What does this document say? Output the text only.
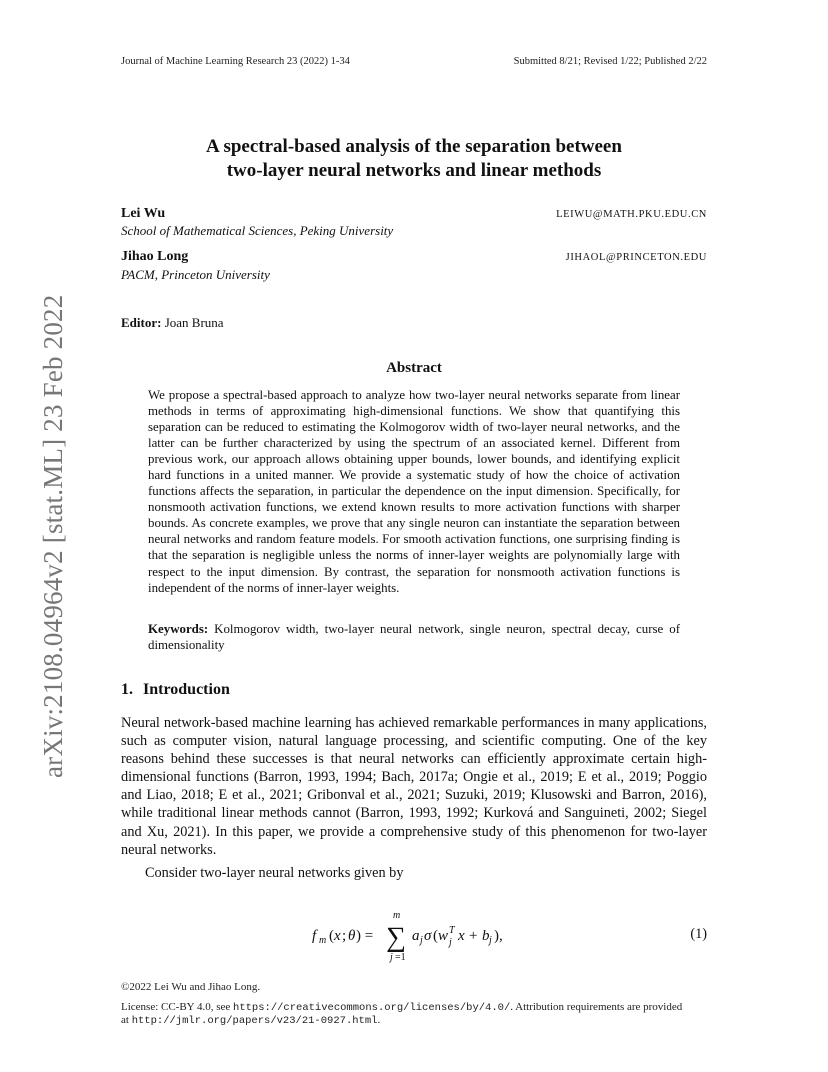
arXiv:2108.04964v2 [stat.ML] 23 Feb 2022
Journal of Machine Learning Research 23 (2022) 1-34	Submitted 8/21; Revised 1/22; Published 2/22
A spectral-based analysis of the separation between
two-layer neural networks and linear methods
Lei Wu	LEIWU@MATH.PKU.EDU.CN
School of Mathematical Sciences, Peking University
Jihao Long	JIHAOL@PRINCETON.EDU
PACM, Princeton University
Editor: Joan Bruna
Abstract
We propose a spectral-based approach to analyze how two-layer neural networks separate from linear methods in terms of approximating high-dimensional functions. We show that quantifying this separation can be reduced to estimating the Kolmogorov width of two-layer neural networks, and the latter can be further characterized by using the spectrum of an associated kernel. Different from previous work, our approach allows obtaining upper bounds, lower bounds, and identifying explicit hard functions in a united manner. We provide a systematic study of how the choice of activation functions affects the separation, in particular the dependence on the input dimension. Specifically, for nonsmooth activation functions, we extend known results to more activation functions with sharper bounds. As concrete examples, we prove that any single neuron can instantiate the separation between neural networks and random feature models. For smooth activation functions, one surprising finding is that the separation is negligible unless the norms of inner-layer weights are polynomially large with respect to the input dimension. By contrast, the separation for nonsmooth activation functions is independent of the norms of inner-layer weights.
Keywords: Kolmogorov width, two-layer neural network, single neuron, spectral decay, curse of dimensionality
1. Introduction
Neural network-based machine learning has achieved remarkable performances in many applications, such as computer vision, natural language processing, and scientific computing. One of the key reasons behind these successes is that neural networks can efficiently approximate certain high-dimensional functions (Barron, 1993, 1994; Bach, 2017a; Ongie et al., 2019; E et al., 2019; Poggio and Liao, 2018; E et al., 2021; Gribonval et al., 2021; Suzuki, 2019; Klusowski and Barron, 2016), while traditional linear methods cannot (Barron, 1993, 1992; Kurková and Sanguineti, 2002; Siegel and Xu, 2021). In this paper, we provide a comprehensive study of this phenomenon for two-layer neural networks.
Consider two-layer neural networks given by
f m ( x ; θ ) =
m
∑
j =1
a j σ ( w T
j x + b j ),	(1)
©2022 Lei Wu and Jihao Long.
License: CC-BY 4.0, see https://creativecommons.org/licenses/by/4.0/. Attribution requirements are provided
at http://jmlr.org/papers/v23/21-0927.html.
